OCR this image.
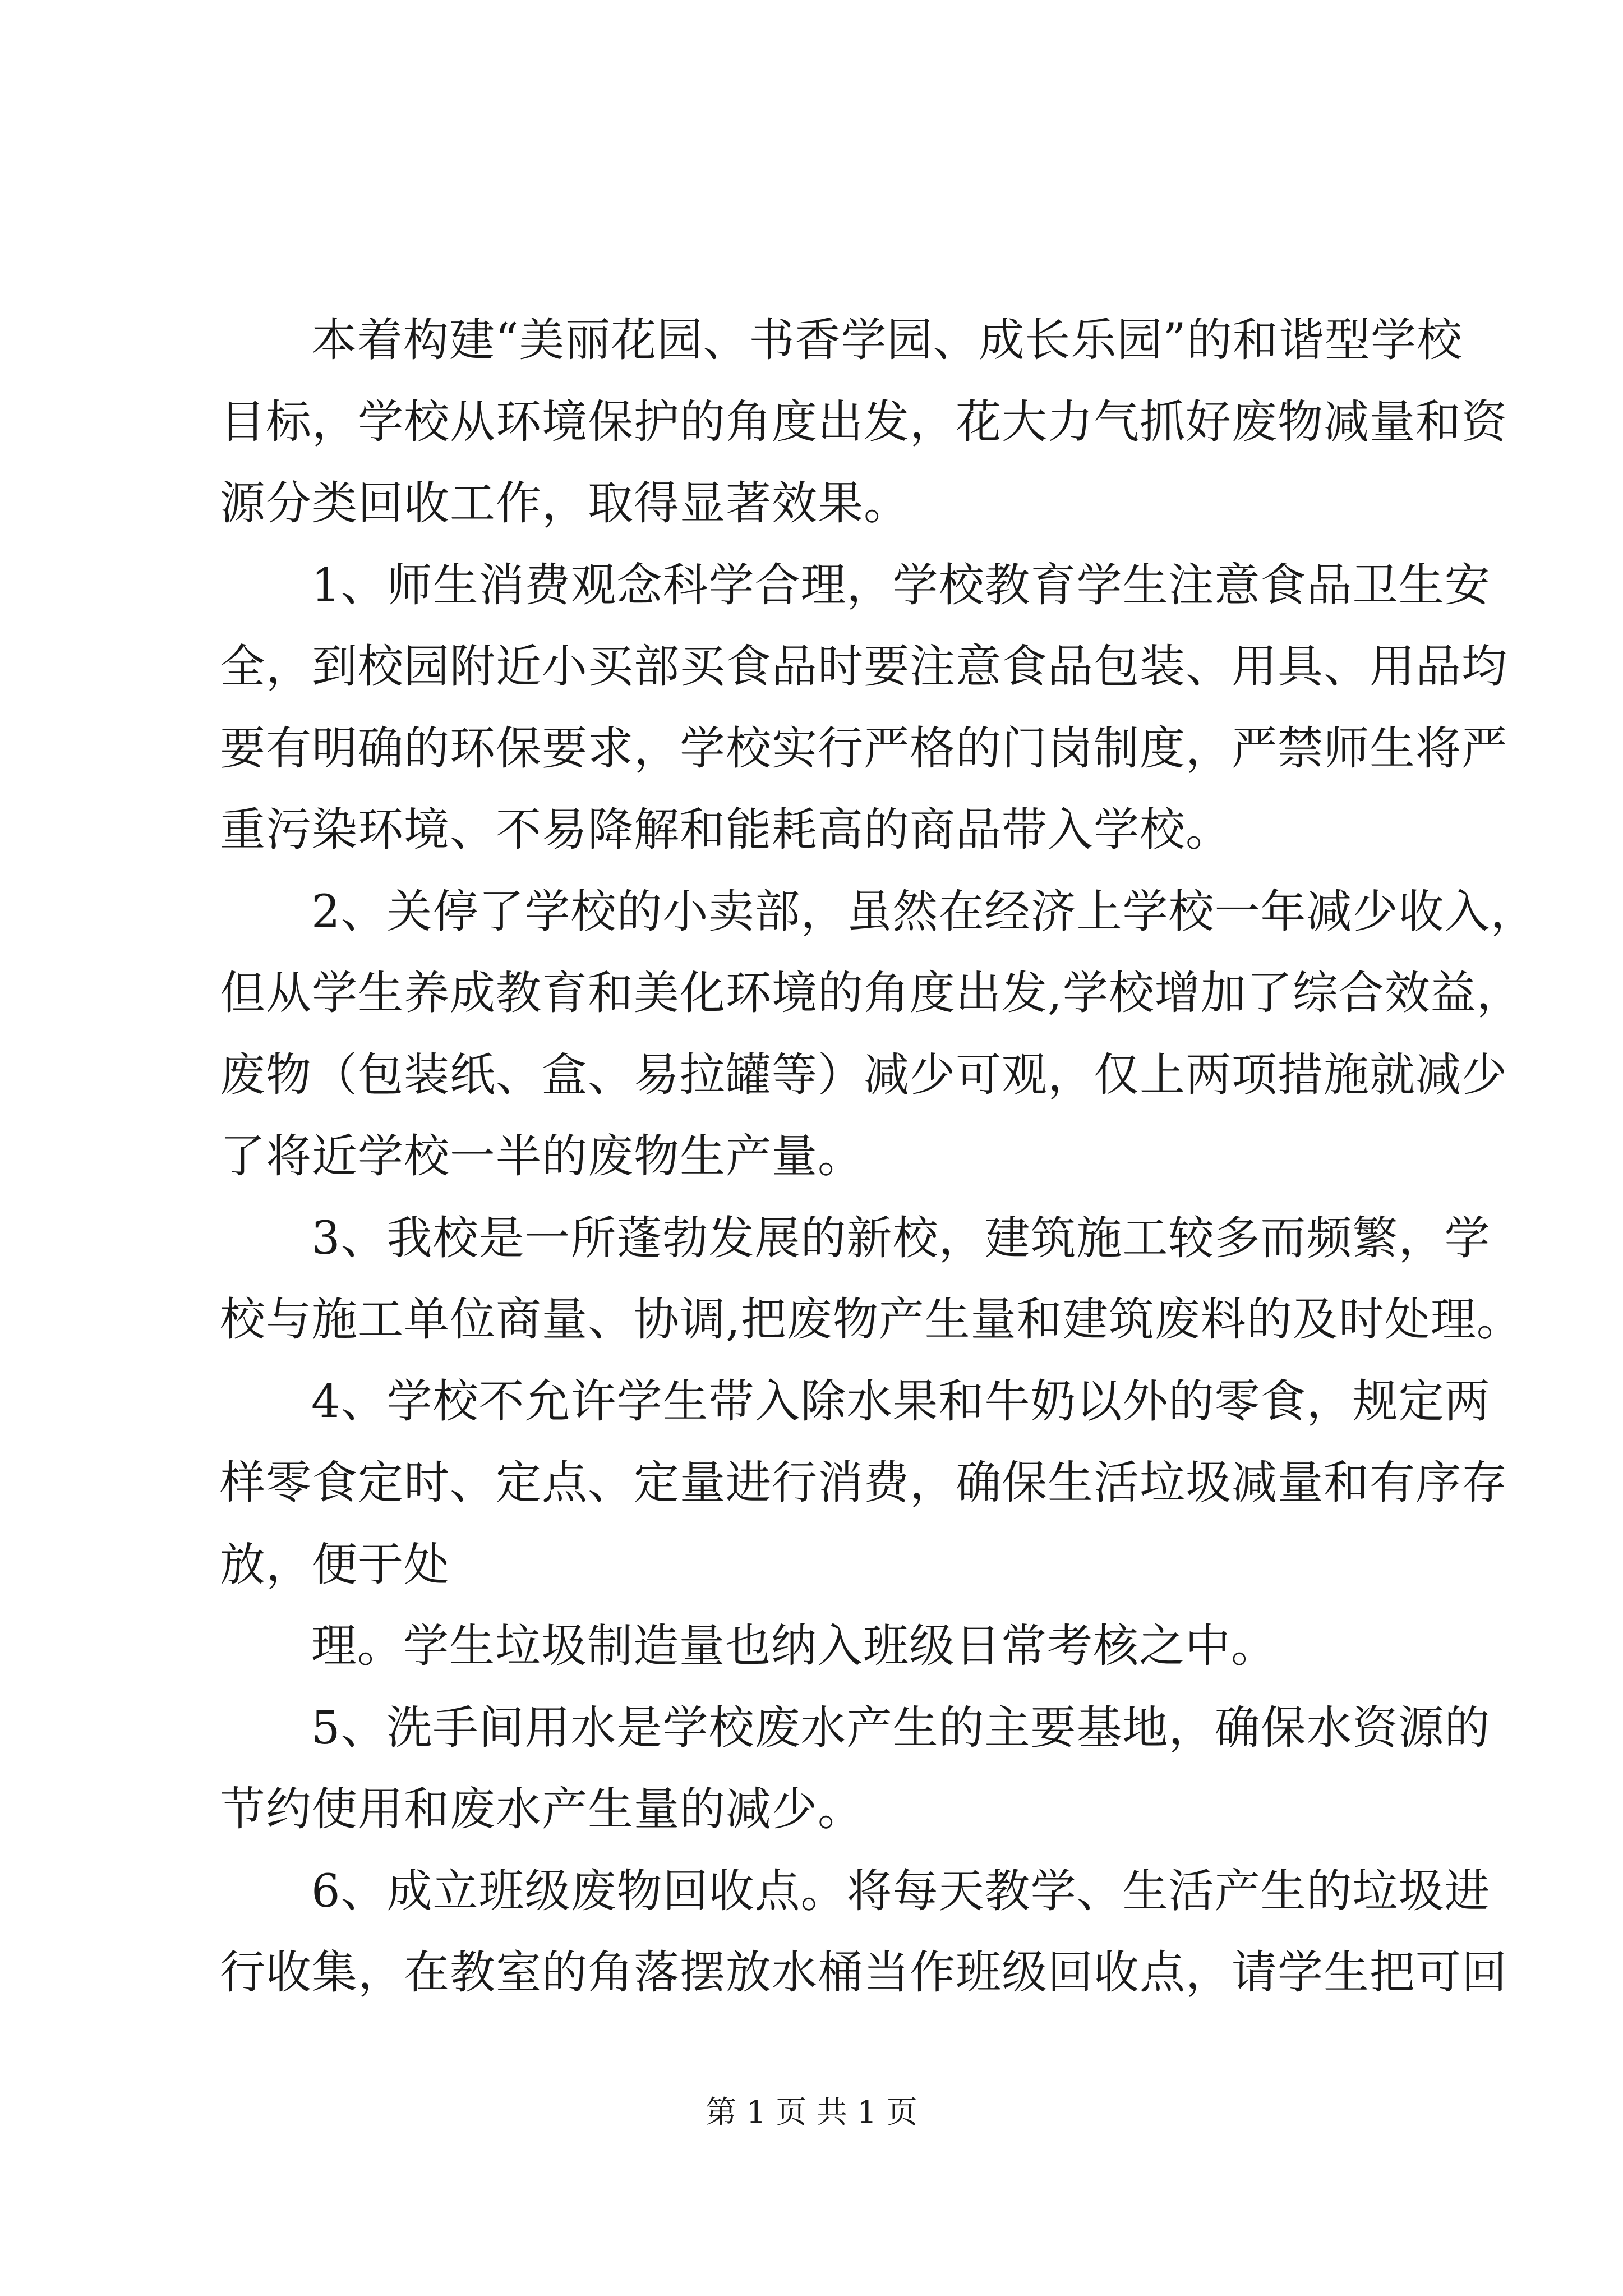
本着构建“美丽花园、书香学园、成长乐园”的和谐型学校
目标，学校从环境保护的角度出发，花大力气抓好废物减量和资
源分类回收工作，取得显著效果。
1、师生消费观念科学合理，学校教育学生注意食品卫生安
全，到校园附近小买部买食品时要注意食品包装、用具、用品均
要有明确的环保要求，学校实行严格的门岗制度，严禁师生将严
重污染环境、不易降解和能耗高的商品带入学校。
2、关停了学校的小卖部，虽然在经济上学校一年减少收入，
但从学生养成教育和美化环境的角度出发,学校增加了综合效益，
废物（包装纸、盒、易拉罐等）减少可观，仅上两项措施就减少
了将近学校一半的废物生产量。
3、我校是一所蓬勃发展的新校，建筑施工较多而频繁，学
校与施工单位商量、协调,把废物产生量和建筑废料的及时处理。
4、学校不允许学生带入除水果和牛奶以外的零食，规定两
样零食定时、定点、定量进行消费，确保生活垃圾减量和有序存
放，便于处
理。学生垃圾制造量也纳入班级日常考核之中。
5、洗手间用水是学校废水产生的主要基地，确保水资源的
节约使用和废水产生量的减少。
6、成立班级废物回收点。将每天教学、生活产生的垃圾进
行收集，在教室的角落摆放水桶当作班级回收点，请学生把可回
第 1 页 共 1 页
